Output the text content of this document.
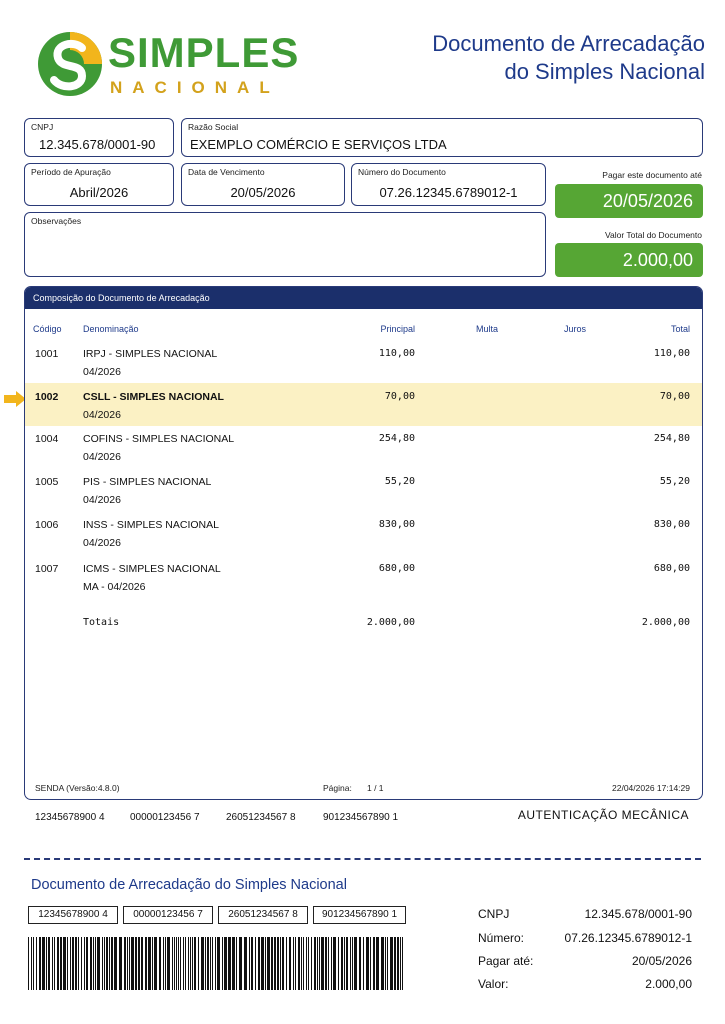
SIMPLES
NACIONAL
Documento de Arrecadação
do Simples Nacional
CNPJ
12.345.678/0001-90
Razão Social
EXEMPLO COMÉRCIO E SERVIÇOS LTDA
Período de Apuração
Abril/2026
Data de Vencimento
20/05/2026
Número do Documento
07.26.12345.6789012-1
Pagar este documento até
20/05/2026
Observações
Valor Total do Documento
2.000,00
Composição do Documento de Arrecadação
Código Denominação	Principal	Multa	Juros	Total
1001 IRPJ - SIMPLES NACIONAL
04/2026
110,00	110,00
1002 CSLL - SIMPLES NACIONAL
04/2026
70,00	70,00
1004 COFINS - SIMPLES NACIONAL
04/2026
254,80	254,80
1005 PIS - SIMPLES NACIONAL
04/2026
55,20	55,20
1006 INSS - SIMPLES NACIONAL
04/2026
830,00	830,00
1007 ICMS - SIMPLES NACIONAL
MA - 04/2026
680,00	680,00
Totais	2.000,00	2.000,00
SENDA (Versão:4.8.0)	Página: 1 / 1	22/04/2026 17:14:29
12345678900 4	00000123456 7	26051234567 8	901234567890 1	AUTENTICAÇÃO MECÂNICA
Documento de Arrecadação do Simples Nacional
12345678900 4	00000123456 7	26051234567 8	901234567890 1	CNPJ	12.345.678/0001-90
Número:	07.26.12345.6789012-1
Pagar até:	20/05/2026
Valor:	2.000,00
